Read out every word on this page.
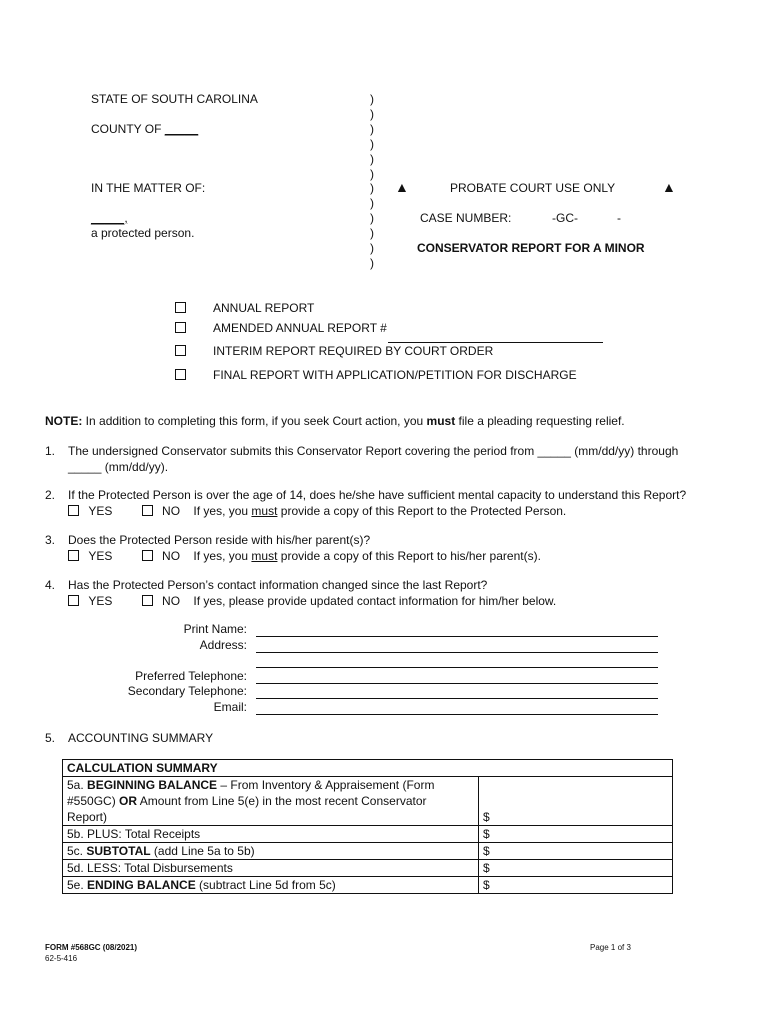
STATE OF SOUTH CAROLINA
COUNTY OF _____
IN THE MATTER OF:
_____,
a protected person.
)
)
)
)
)
)
)
)
)
)
)
)
▲	PROBATE COURT USE ONLY	▲
CASE NUMBER:	-GC-	-
CONSERVATOR REPORT FOR A MINOR
ANNUAL REPORT
AMENDED ANNUAL REPORT #
INTERIM REPORT REQUIRED BY COURT ORDER
FINAL REPORT WITH APPLICATION/PETITION FOR DISCHARGE
NOTE: In addition to completing this form, if you seek Court action, you must file a pleading requesting relief.
1. The undersigned Conservator submits this Conservator Report covering the period from _____ (mm/dd/yy) through
_____ (mm/dd/yy).
2. If the Protected Person is over the age of 14, does he/she have sufficient mental capacity to understand this Report?
YES	NO If yes, you must provide a copy of this Report to the Protected Person.
3. Does the Protected Person reside with his/her parent(s)?
YES	NO If yes, you must provide a copy of this Report to his/her parent(s).
4. Has the Protected Person’s contact information changed since the last Report?
YES	NO If yes, please provide updated contact information for him/her below.
Print Name:
Address:
Preferred Telephone:
Secondary Telephone:
Email:
5. ACCOUNTING SUMMARY
CALCULATION SUMMARY	
5a. BEGINNING BALANCE – From Inventory & Appraisement (Form
#550GC) OR Amount from Line 5(e) in the most recent Conservator
Report)	$
5b. PLUS: Total Receipts	$
5c. SUBTOTAL (add Line 5a to 5b)	$
5d. LESS: Total Disbursements	$
5e. ENDING BALANCE (subtract Line 5d from 5c)	$
FORM #568GC (08/2021)
62-5-416
Page 1 of 3
